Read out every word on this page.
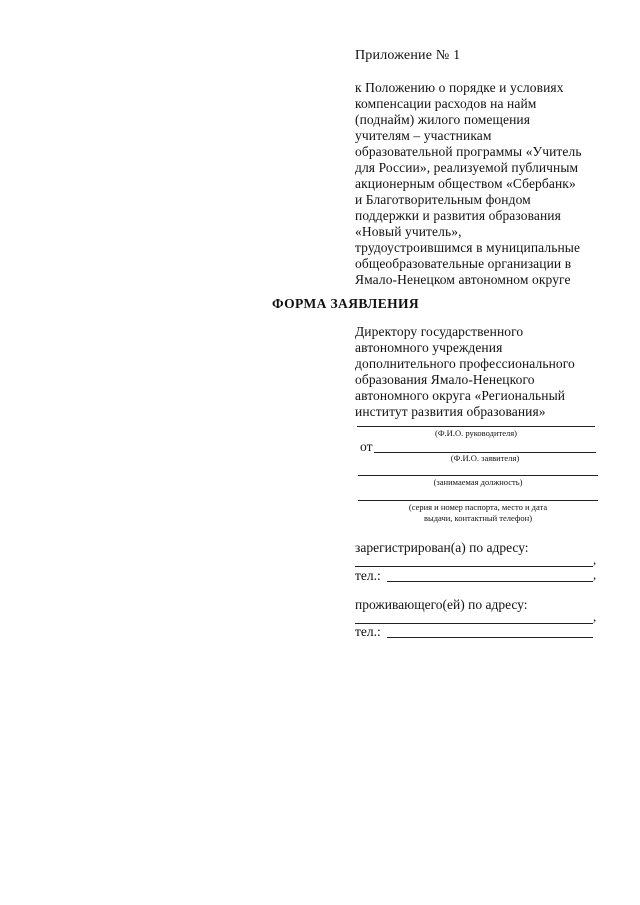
Приложение № 1
к Положению о порядке и условиях
компенсации расходов на найм
(поднайм) жилого помещения
учителям – участникам
образовательной программы «Учитель
для России», реализуемой публичным
акционерным обществом «Сбербанк»
и Благотворительным фондом
поддержки и развития образования
«Новый учитель»,
трудоустроившимся в муниципальные
общеобразовательные организации в
Ямало-Ненецком автономном округе
ФОРМА ЗАЯВЛЕНИЯ
Директору государственного
автономного учреждения
дополнительного профессионального
образования Ямало-Ненецкого
автономного округа «Региональный
институт развития образования»
(Ф.И.О. руководителя)
от
(Ф.И.О. заявителя)
(занимаемая должность)
(серия и номер паспорта, место и дата
выдачи, контактный телефон)
зарегистрирован(а) по адресу:
,
тел.:	,
проживающего(ей) по адресу:
,
тел.:
